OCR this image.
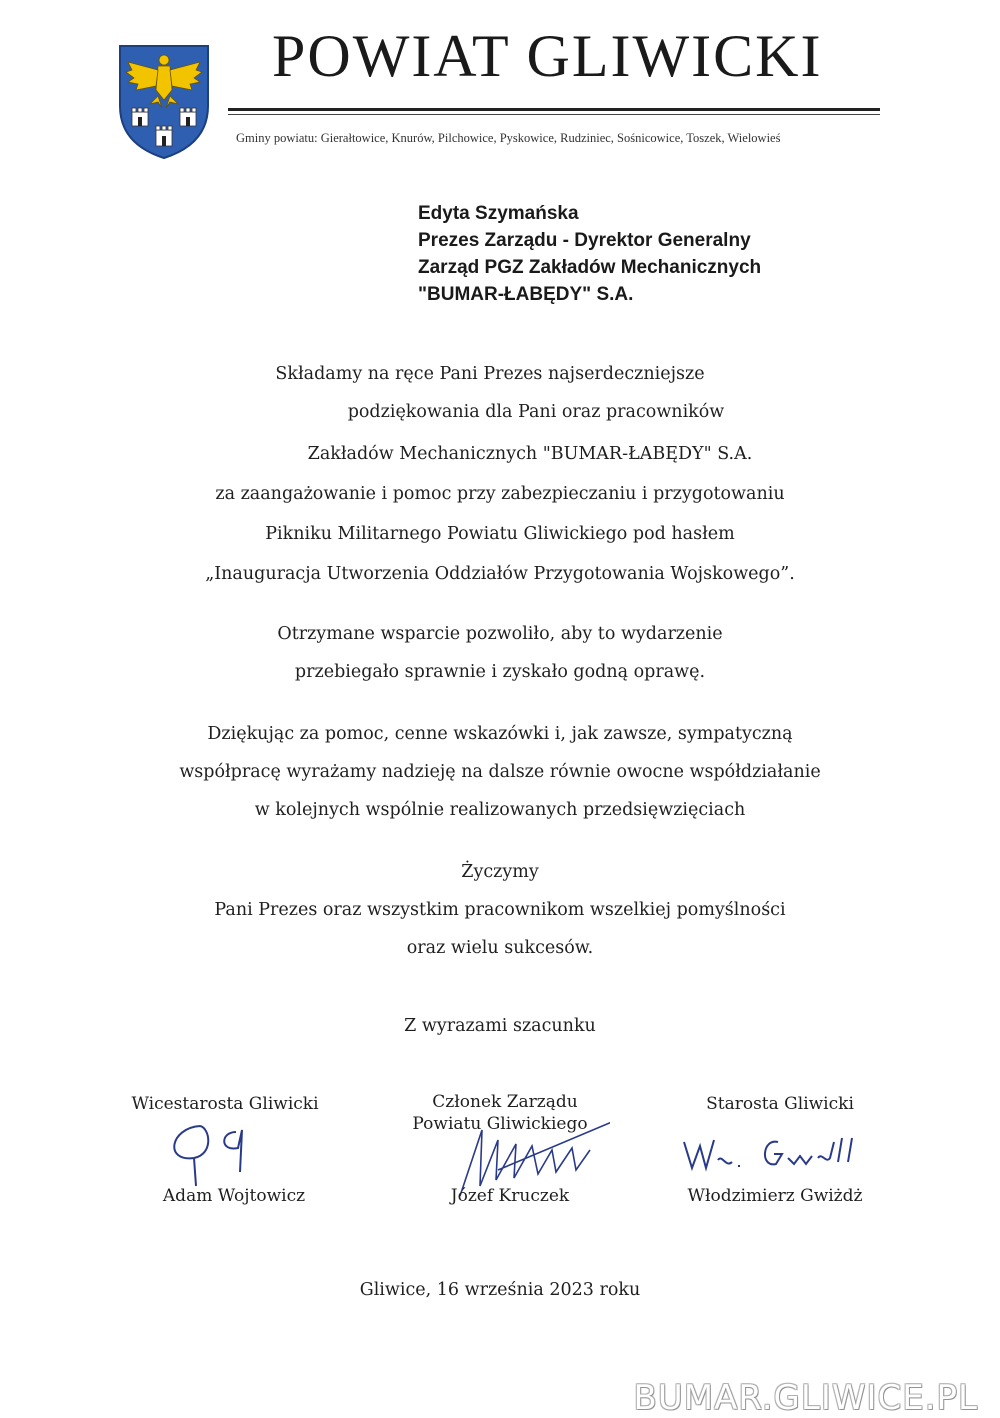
POWIAT GLIWICKI
Gminy powiatu: Gierałtowice, Knurów, Pilchowice, Pyskowice, Rudziniec, Sośnicowice, Toszek, Wielowieś
Edyta Szymańska
Prezes Zarządu - Dyrektor Generalny
Zarząd PGZ Zakładów Mechanicznych
"BUMAR-ŁABĘDY" S.A.
Składamy na ręce Pani Prezes najserdeczniejsze
podziękowania dla Pani oraz pracowników
Zakładów Mechanicznych "BUMAR-ŁABĘDY" S.A.
za zaangażowanie i pomoc przy zabezpieczaniu i przygotowaniu
Pikniku Militarnego Powiatu Gliwickiego pod hasłem
„Inauguracja Utworzenia Oddziałów Przygotowania Wojskowego”.
Otrzymane wsparcie pozwoliło, aby to wydarzenie
przebiegało sprawnie i zyskało godną oprawę.
Dziękując za pomoc, cenne wskazówki i, jak zawsze, sympatyczną
współpracę wyrażamy nadzieję na dalsze równie owocne współdziałanie
w kolejnych wspólnie realizowanych przedsięwzięciach
Życzymy
Pani Prezes oraz wszystkim pracownikom wszelkiej pomyślności
oraz wielu sukcesów.
Z wyrazami szacunku
Wicestarosta Gliwicki
Adam Wojtowicz
Członek Zarządu
Powiatu Gliwickiego
Józef Kruczek
Starosta Gliwicki
Włodzimierz Gwiżdż
Gliwice, 16 września 2023 roku
BUMAR.GLIWICE.PL
